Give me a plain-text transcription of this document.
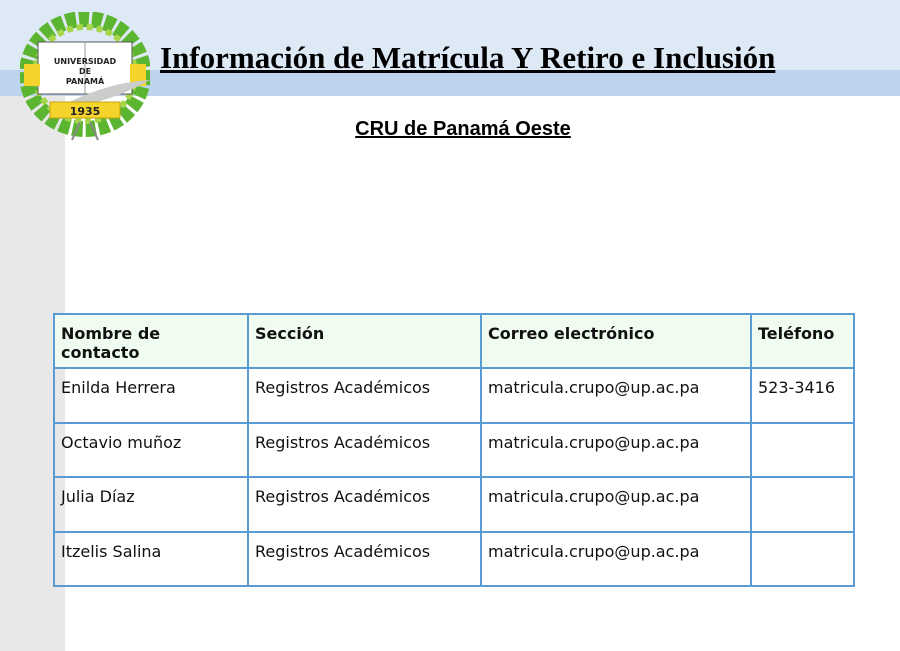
UNIVERSIDAD
DE
PANAMÁ
1935
Información de Matrícula Y Retiro e Inclusión
CRU de Panamá Oeste
Nombre de contacto	Sección	Correo electrónico	Teléfono
Enilda Herrera	Registros Académicos	matricula.crupo@up.ac.pa	523-3416
Octavio muñoz	Registros Académicos	matricula.crupo@up.ac.pa	
Julia Díaz	Registros Académicos	matricula.crupo@up.ac.pa	
Itzelis Salina	Registros Académicos	matricula.crupo@up.ac.pa	
